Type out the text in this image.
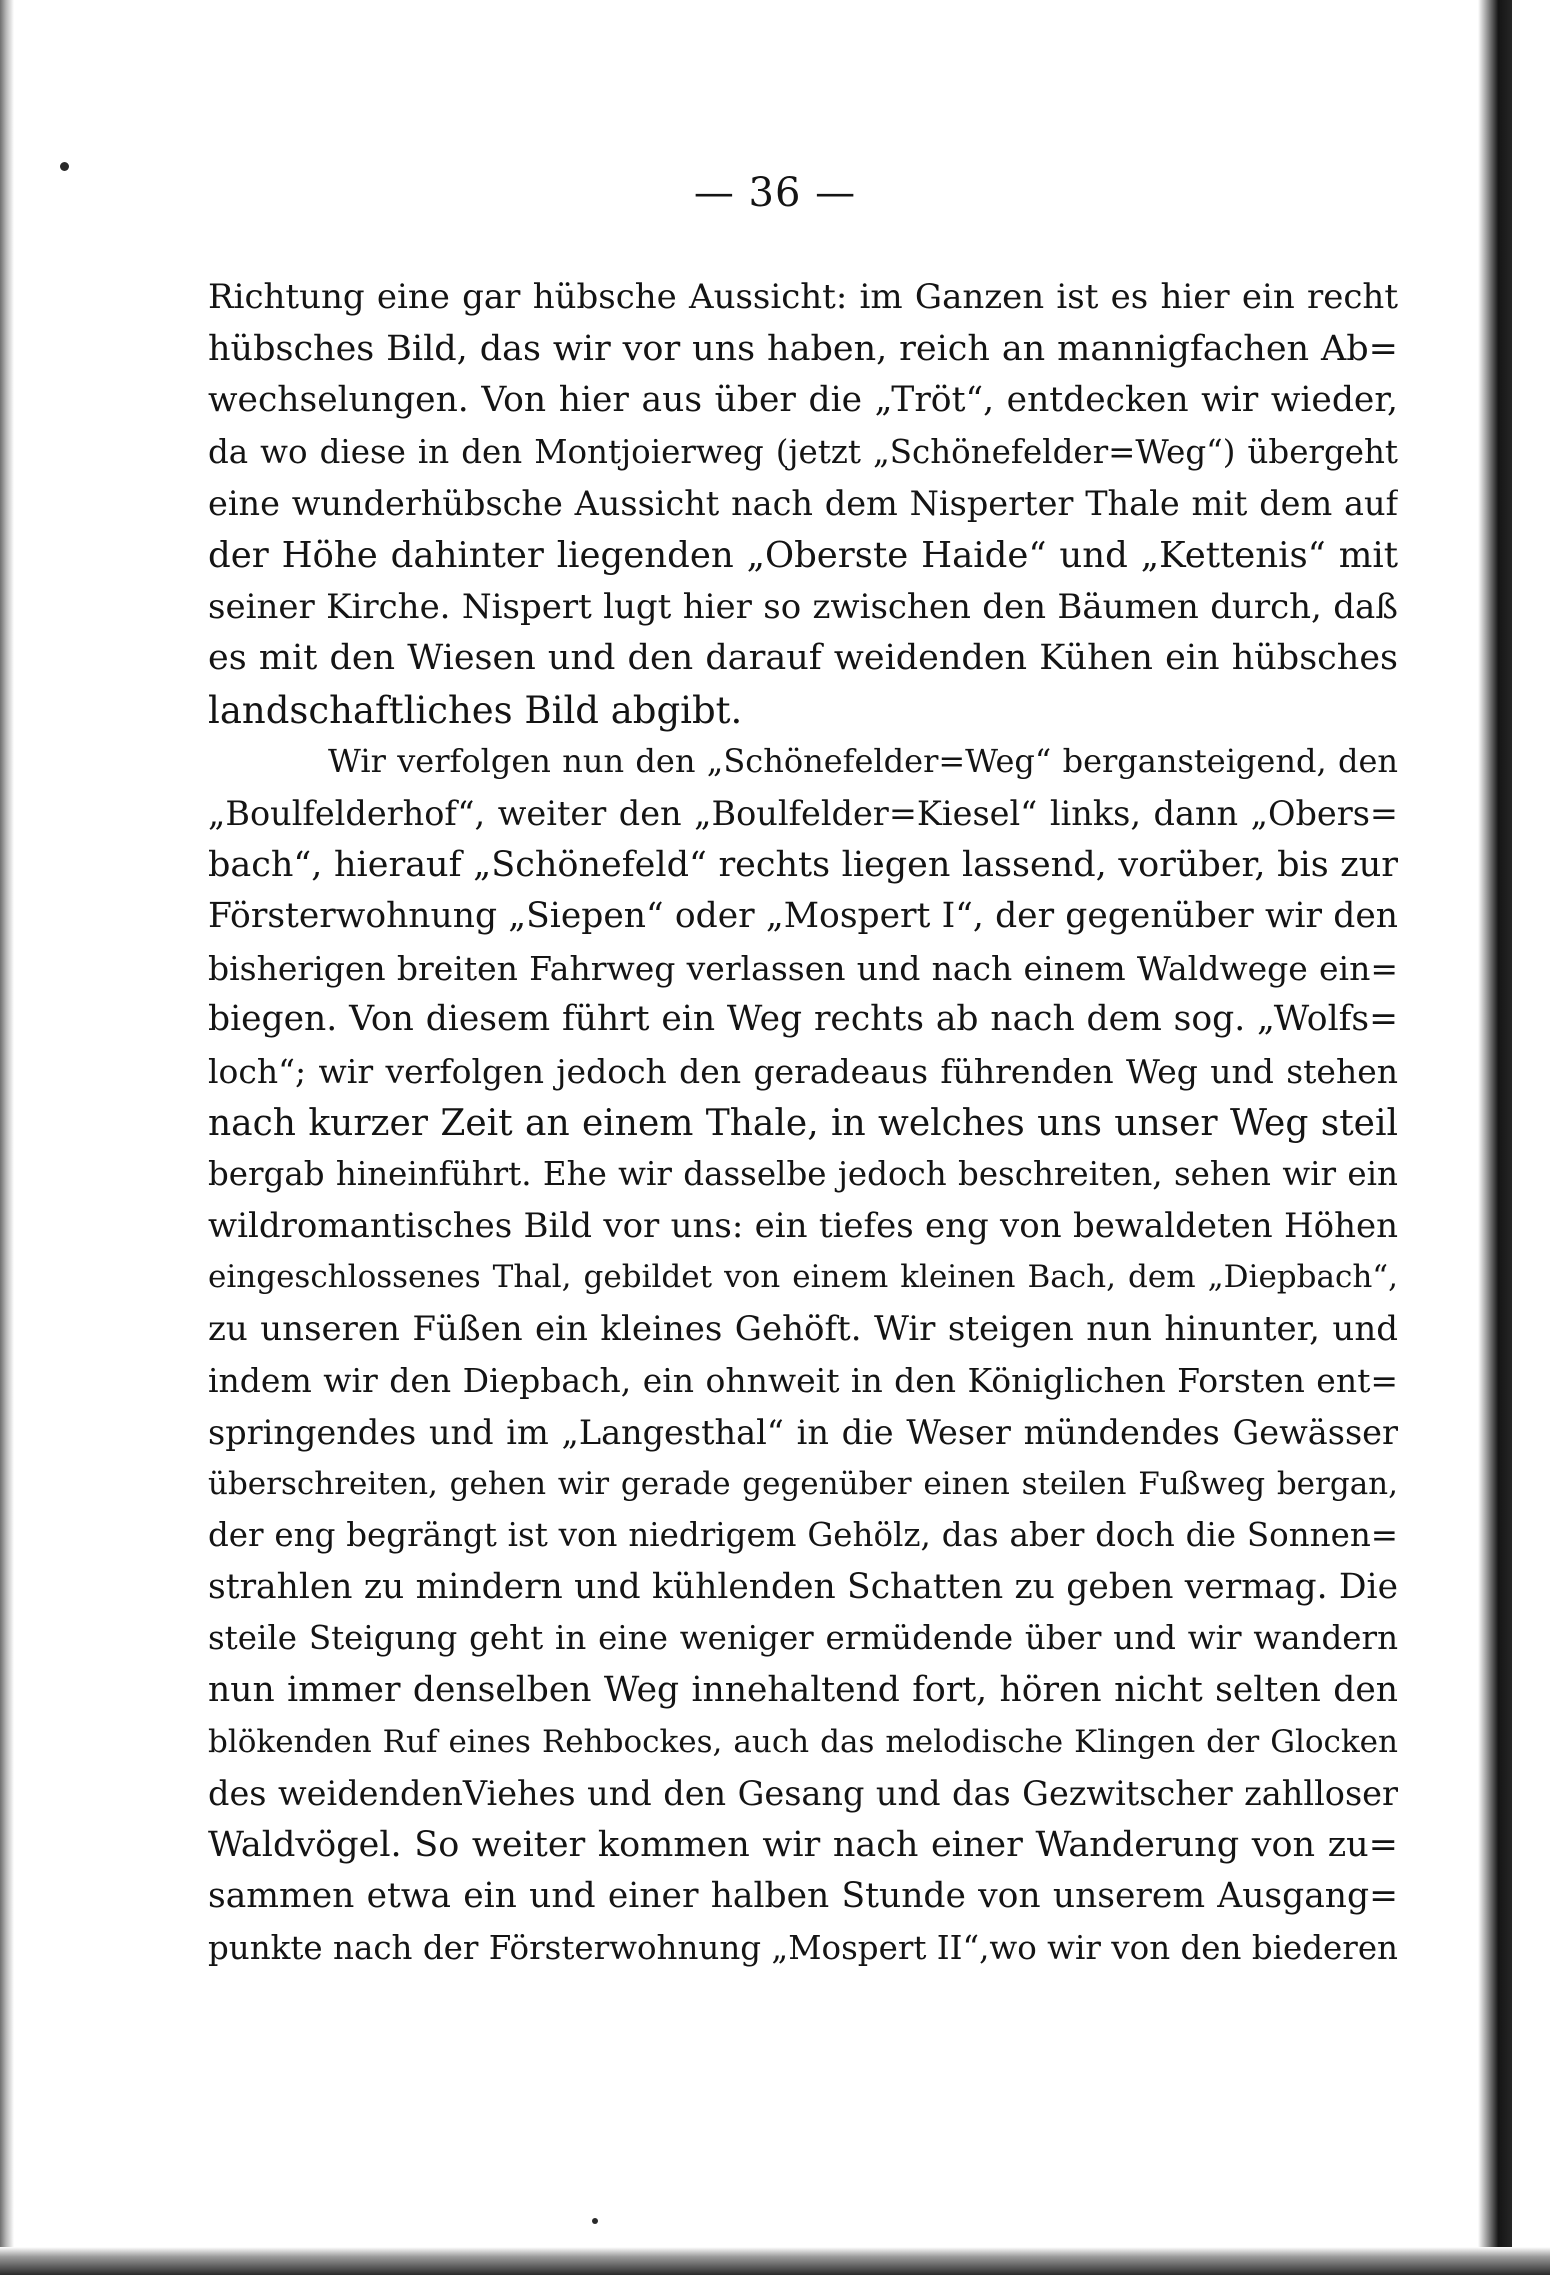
— 36 —
Richtung eine gar hübsche Aussicht: im Ganzen ist es hier ein recht
hübsches Bild, das wir vor uns haben, reich an mannigfachen Ab=
wechselungen. Von hier aus über die „Tröt“, entdecken wir wieder,
da wo diese in den Montjoierweg (jetzt „Schönefelder=Weg“) übergeht
eine wunderhübsche Aussicht nach dem Nisperter Thale mit dem auf
der Höhe dahinter liegenden „Oberste Haide“ und „Kettenis“ mit
seiner Kirche. Nispert lugt hier so zwischen den Bäumen durch, daß
es mit den Wiesen und den darauf weidenden Kühen ein hübsches
landschaftliches Bild abgibt.
Wir verfolgen nun den „Schönefelder=Weg“ bergansteigend, den
„Boulfelderhof“, weiter den „Boulfelder=Kiesel“ links, dann „Obers=
bach“, hierauf „Schönefeld“ rechts liegen lassend, vorüber, bis zur
Försterwohnung „Siepen“ oder „Mospert I“, der gegenüber wir den
bisherigen breiten Fahrweg verlassen und nach einem Waldwege ein=
biegen. Von diesem führt ein Weg rechts ab nach dem sog. „Wolfs=
loch“; wir verfolgen jedoch den geradeaus führenden Weg und stehen
nach kurzer Zeit an einem Thale, in welches uns unser Weg steil
bergab hineinführt. Ehe wir dasselbe jedoch beschreiten, sehen wir ein
wildromantisches Bild vor uns: ein tiefes eng von bewaldeten Höhen
eingeschlossenes Thal, gebildet von einem kleinen Bach, dem „Diepbach“,
zu unseren Füßen ein kleines Gehöft. Wir steigen nun hinunter, und
indem wir den Diepbach, ein ohnweit in den Königlichen Forsten ent=
springendes und im „Langesthal“ in die Weser mündendes Gewässer
überschreiten, gehen wir gerade gegenüber einen steilen Fußweg bergan,
der eng begrängt ist von niedrigem Gehölz, das aber doch die Sonnen=
strahlen zu mindern und kühlenden Schatten zu geben vermag. Die
steile Steigung geht in eine weniger ermüdende über und wir wandern
nun immer denselben Weg innehaltend fort, hören nicht selten den
blökenden Ruf eines Rehbockes, auch das melodische Klingen der Glocken
des weidendenViehes und den Gesang und das Gezwitscher zahlloser
Waldvögel. So weiter kommen wir nach einer Wanderung von zu=
sammen etwa ein und einer halben Stunde von unserem Ausgang=
punkte nach der Försterwohnung „Mospert II“,wo wir von den biederen
